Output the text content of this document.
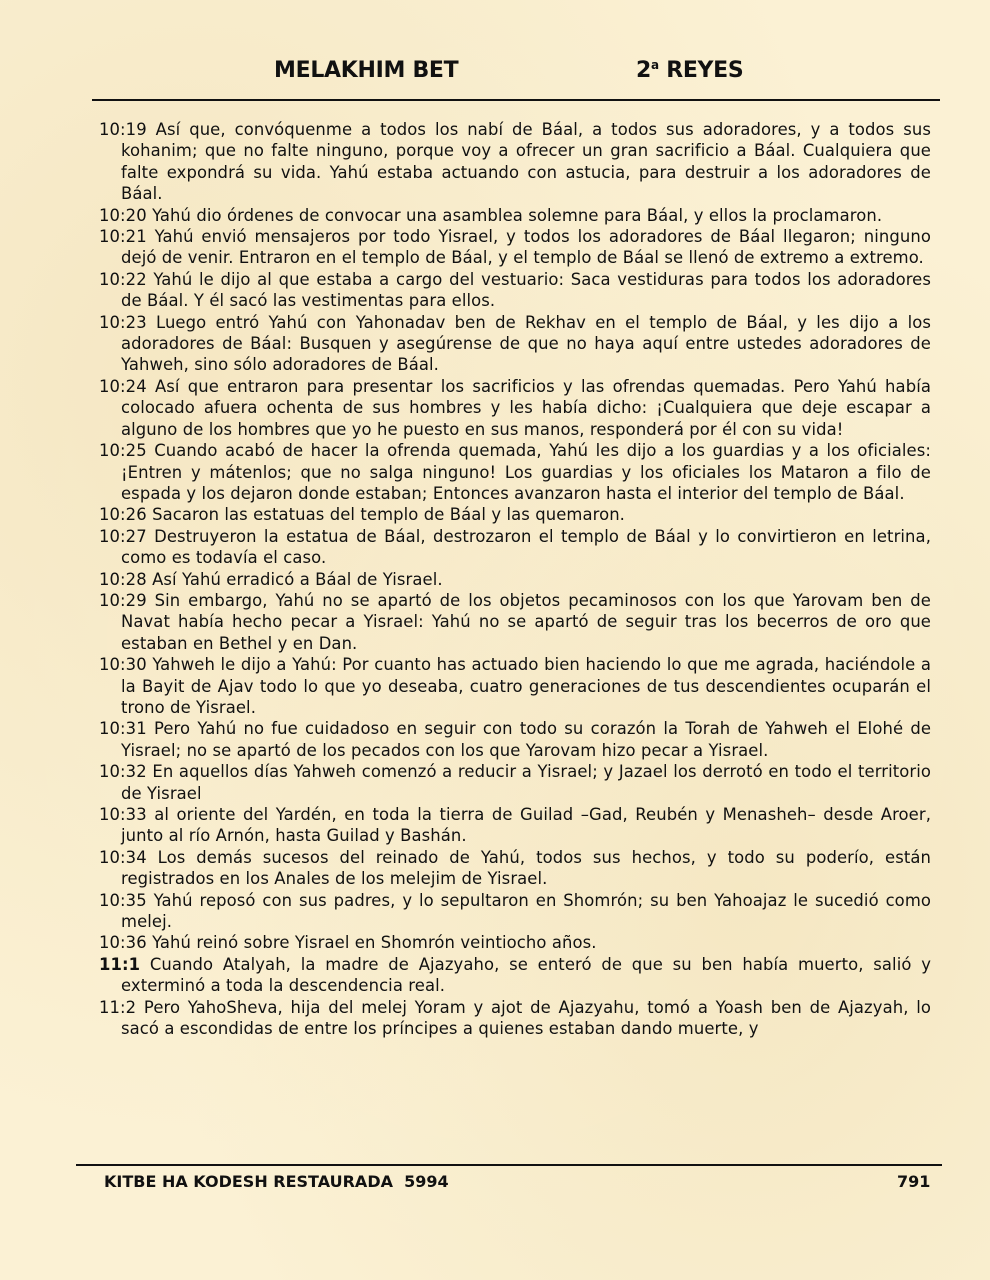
MELAKHIM BET	2$^a$ REYES

10:19 Así que, convóquenme a todos los nabí de Báal, a todos sus adoradores, y a todos sus kohanim; que no falte ninguno, porque voy a ofrecer un gran sacrificio a Báal. Cualquiera que falte expondrá su vida. Yahú estaba actuando con astucia, para destruir a los adoradores de Báal.

10:20 Yahú dio órdenes de convocar una asamblea solemne para Báal, y ellos la proclamaron.

10:21 Yahú envió mensajeros por todo Yisrael, y todos los adoradores de Báal llegaron; ninguno dejó de venir. Entraron en el templo de Báal, y el templo de Báal se llenó de extremo a extremo.

10:22 Yahú le dijo al que estaba a cargo del vestuario: Saca vestiduras para todos los adoradores de Báal. Y él sacó las vestimentas para ellos.

10:23 Luego entró Yahú con Yahonadav ben de Rekhav en el templo de Báal, y les dijo a los adoradores de Báal: Busquen y asegúrense de que no haya aquí entre ustedes adoradores de Yahweh, sino sólo adoradores de Báal.

10:24 Así que entraron para presentar los sacrificios y las ofrendas quemadas. Pero Yahú había colocado afuera ochenta de sus hombres y les había dicho: ¡Cualquiera que deje escapar a alguno de los hombres que yo he puesto en sus manos, responderá por él con su vida!

10:25 Cuando acabó de hacer la ofrenda quemada, Yahú les dijo a los guardias y a los oficiales: ¡Entren y mátenlos; que no salga ninguno! Los guardias y los oficiales los Mataron a filo de espada y los dejaron donde estaban; Entonces avanzaron hasta el interior del templo de Báal.

10:26 Sacaron las estatuas del templo de Báal y las quemaron.

10:27 Destruyeron la estatua de Báal, destrozaron el templo de Báal y lo convirtieron en letrina, como es todavía el caso.

10:28 Así Yahú erradicó a Báal de Yisrael.

10:29 Sin embargo, Yahú no se apartó de los objetos pecaminosos con los que Yarovam ben de Navat había hecho pecar a Yisrael: Yahú no se apartó de seguir tras los becerros de oro que estaban en Bethel y en Dan.

10:30 Yahweh le dijo a Yahú: Por cuanto has actuado bien haciendo lo que me agrada, haciéndole a la Bayit de Ajav todo lo que yo deseaba, cuatro generaciones de tus descendientes ocuparán el trono de Yisrael.

10:31 Pero Yahú no fue cuidadoso en seguir con todo su corazón la Torah de Yahweh el Elohé de Yisrael; no se apartó de los pecados con los que Yarovam hizo pecar a Yisrael.

10:32 En aquellos días Yahweh comenzó a reducir a Yisrael; y Jazael los derrotó en todo el territorio de Yisrael

10:33 al oriente del Yardén, en toda la tierra de Guilad –Gad, Reubén y Menasheh– desde Aroer, junto al río Arnón, hasta Guilad y Bashán.

10:34 Los demás sucesos del reinado de Yahú, todos sus hechos, y todo su poderío, están registrados en los Anales de los melejim de Yisrael.

10:35 Yahú reposó con sus padres, y lo sepultaron en Shomrón; su ben Yahoajaz le sucedió como melej.

10:36 Yahú reinó sobre Yisrael en Shomrón veintiocho años.

11:1 Cuando Atalyah, la madre de Ajazyaho, se enteró de que su ben había muerto, salió y exterminó a toda la descendencia real.

11:2 Pero YahoSheva, hija del melej Yoram y ajot de Ajazyahu, tomó a Yoash ben de Ajazyah, lo sacó a escondidas de entre los príncipes a quienes estaban dando muerte, y

KITBE HA KODESH RESTAURADA  5994	791
